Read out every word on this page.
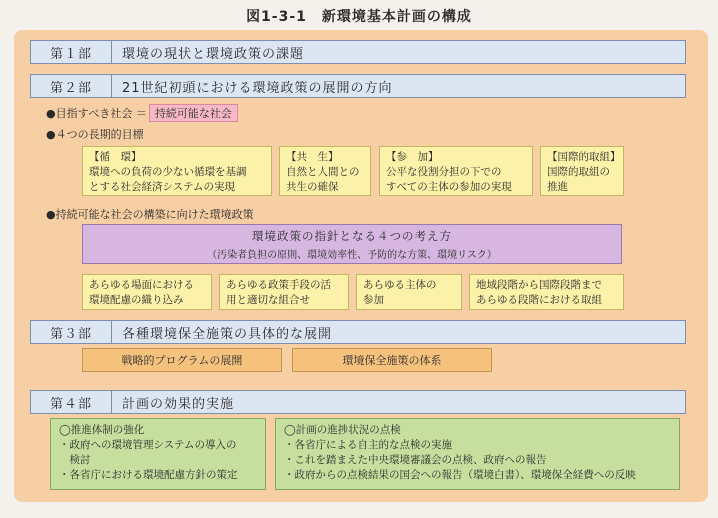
図1-3-1　新環境基本計画の構成
第１部	環境の現状と環境政策の課題
第２部	21世紀初頭における環境政策の展開の方向
●目指すべき社会 ＝ 持続可能な社会
●４つの長期的目標
【循　環】
環境への負荷の少ない循環を基調
とする社会経済システムの実現
【共　生】
自然と人間との
共生の確保
【参　加】
公平な役割分担の下での
すべての主体の参加の実現
【国際的取組】
国際的取組の
推進
●持続可能な社会の構築に向けた環境政策
環境政策の指針となる４つの考え方
（汚染者負担の原則、環境効率性、予防的な方策、環境リスク）
あらゆる場面における
環境配慮の織り込み
あらゆる政策手段の活
用と適切な組合せ
あらゆる主体の
参加
地域段階から国際段階まで
あらゆる段階における取組
第３部	各種環境保全施策の具体的な展開
戦略的プログラムの展開	環境保全施策の体系
第４部	計画の効果的実施
◯推進体制の強化
・政府への環境管理システムの導入の
　検討
・各省庁における環境配慮方針の策定
◯計画の進捗状況の点検
・各省庁による自主的な点検の実施
・これを踏まえた中央環境審議会の点検、政府への報告
・政府からの点検結果の国会への報告（環境白書）、環境保全経費への反映
